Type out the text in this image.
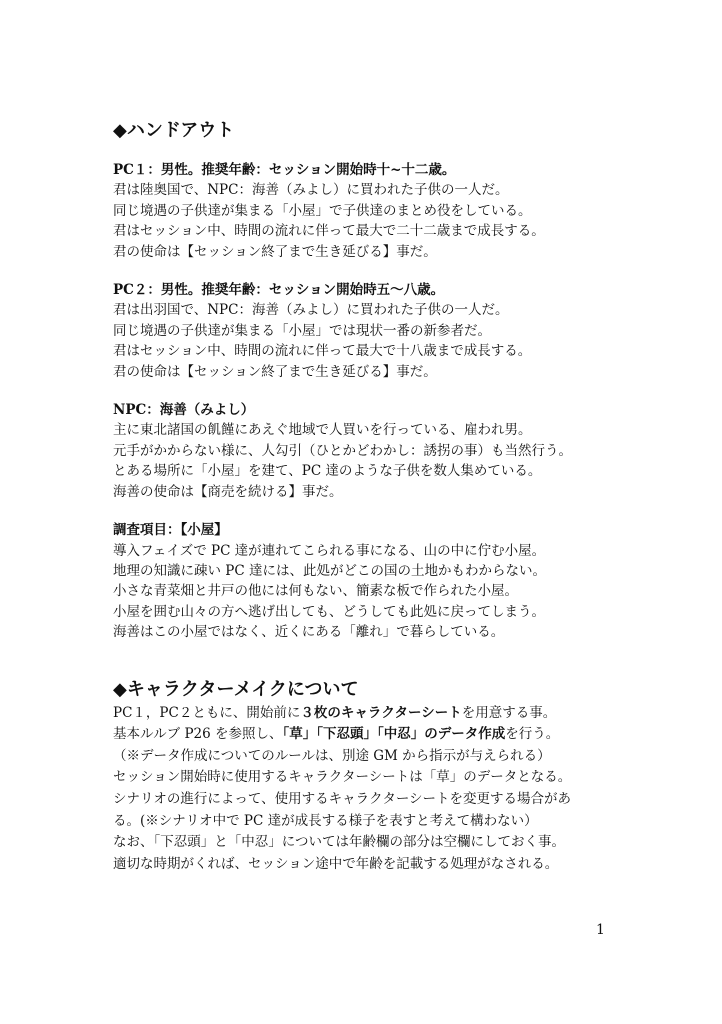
◆ハンドアウト
PC１：男性。推奨年齢：セッション開始時十~十二歳。
君は陸奥国で、NPC：海善（みよし）に買われた子供の一人だ。
同じ境遇の子供達が集まる「小屋」で子供達のまとめ役をしている。
君はセッション中、時間の流れに伴って最大で二十二歳まで成長する。
君の使命は【セッション終了まで生き延びる】事だ。
PC２：男性。推奨年齢：セッション開始時五～八歳。
君は出羽国で、NPC：海善（みよし）に買われた子供の一人だ。
同じ境遇の子供達が集まる「小屋」では現状一番の新参者だ。
君はセッション中、時間の流れに伴って最大で十八歳まで成長する。
君の使命は【セッション終了まで生き延びる】事だ。
NPC：海善（みよし）
主に東北諸国の飢饉にあえぐ地域で人買いを行っている、雇われ男。
元手がかからない様に、人勾引（ひとかどわかし：誘拐の事）も当然行う。
とある場所に「小屋」を建て、PC 達のような子供を数人集めている。
海善の使命は【商売を続ける】事だ。
調査項目：【小屋】
導入フェイズで PC 達が連れてこられる事になる、山の中に佇む小屋。
地理の知識に疎い PC 達には、此処がどこの国の土地かもわからない。
小さな青菜畑と井戸の他には何もない、簡素な板で作られた小屋。
小屋を囲む山々の方へ逃げ出しても、どうしても此処に戻ってしまう。
海善はこの小屋ではなく、近くにある「離れ」で暮らしている。
◆キャラクターメイクについて
PC１，PC２ともに、開始前に３枚のキャラクターシートを用意する事。
基本ルルブ P26 を参照し、「草」「下忍頭」「中忍」のデータ作成を行う。
（※データ作成についてのルールは、別途 GM から指示が与えられる）
セッション開始時に使用するキャラクターシートは「草」のデータとなる。
シナリオの進行によって、使用するキャラクターシートを変更する場合があ
る。(※シナリオ中で PC 達が成長する様子を表すと考えて構わない）
なお、「下忍頭」と「中忍」については年齢欄の部分は空欄にしておく事。
適切な時期がくれば、セッション途中で年齢を記載する処理がなされる。
1
